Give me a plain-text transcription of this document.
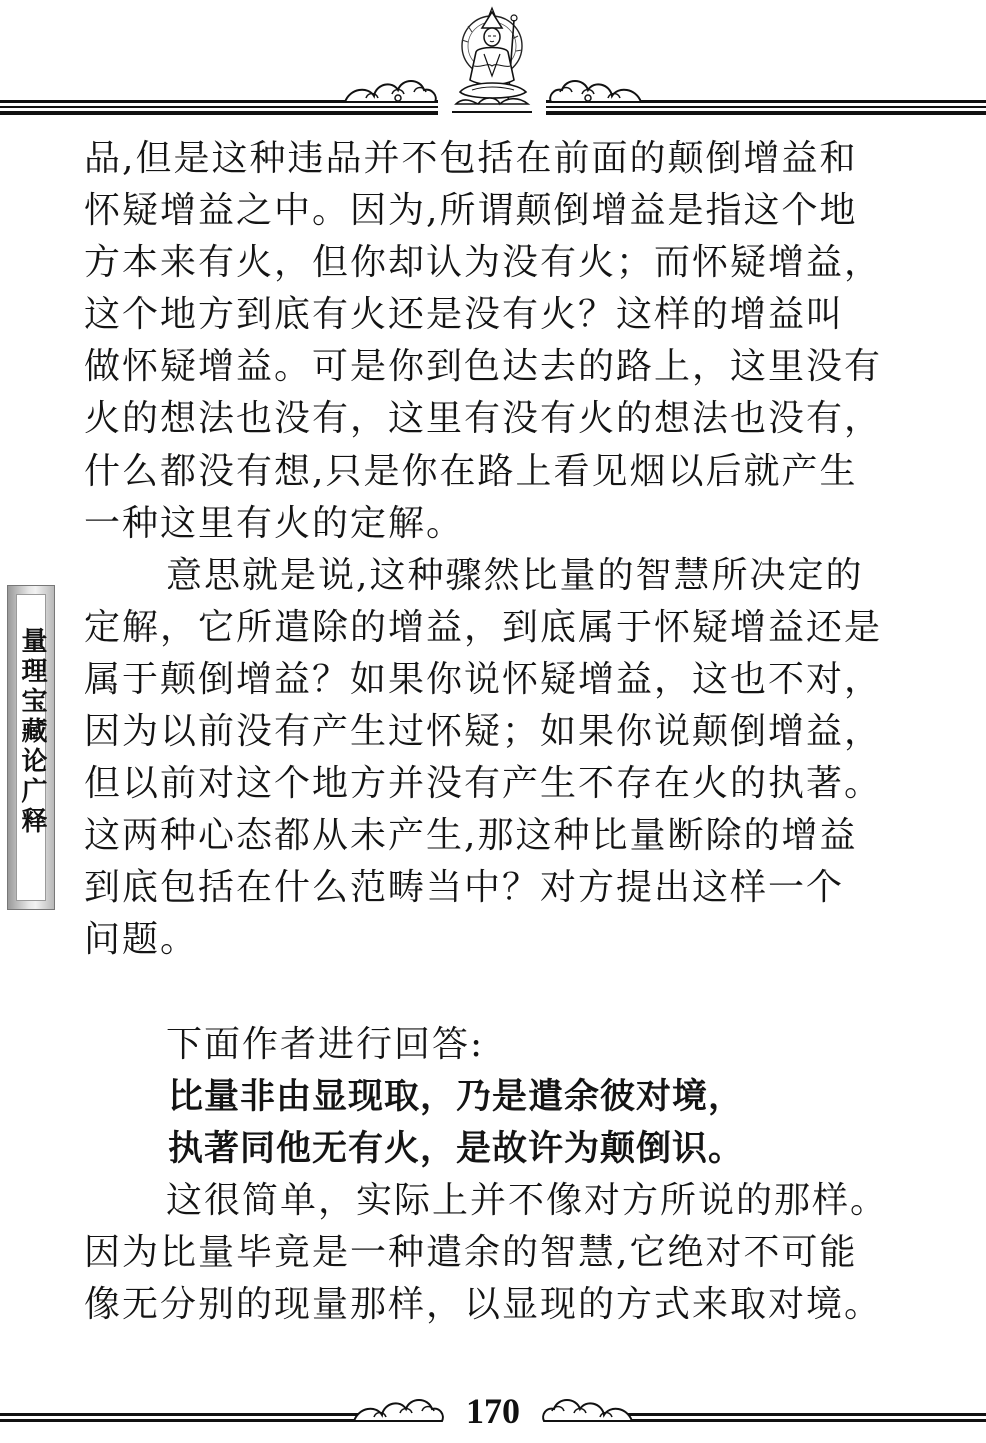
量理宝藏论广释
品,但是这种违品并不包括在前面的颠倒增益和
怀疑增益之中。因为,所谓颠倒增益是指这个地
方本来有火，但你却认为没有火；而怀疑增益，
这个地方到底有火还是没有火？这样的增益叫
做怀疑增益。可是你到色达去的路上，这里没有
火的想法也没有，这里有没有火的想法也没有，
什么都没有想,只是你在路上看见烟以后就产生
一种这里有火的定解。
意思就是说,这种骤然比量的智慧所决定的
定解，它所遣除的增益，到底属于怀疑增益还是
属于颠倒增益？如果你说怀疑增益，这也不对，
因为以前没有产生过怀疑；如果你说颠倒增益，
但以前对这个地方并没有产生不存在火的执著。
这两种心态都从未产生,那这种比量断除的增益
到底包括在什么范畴当中？对方提出这样一个
问题。
下面作者进行回答:
比量非由显现取，乃是遣余彼对境，
执著同他无有火，是故许为颠倒识。
这很简单，实际上并不像对方所说的那样。
因为比量毕竟是一种遣余的智慧,它绝对不可能
像无分别的现量那样，以显现的方式来取对境。
170
